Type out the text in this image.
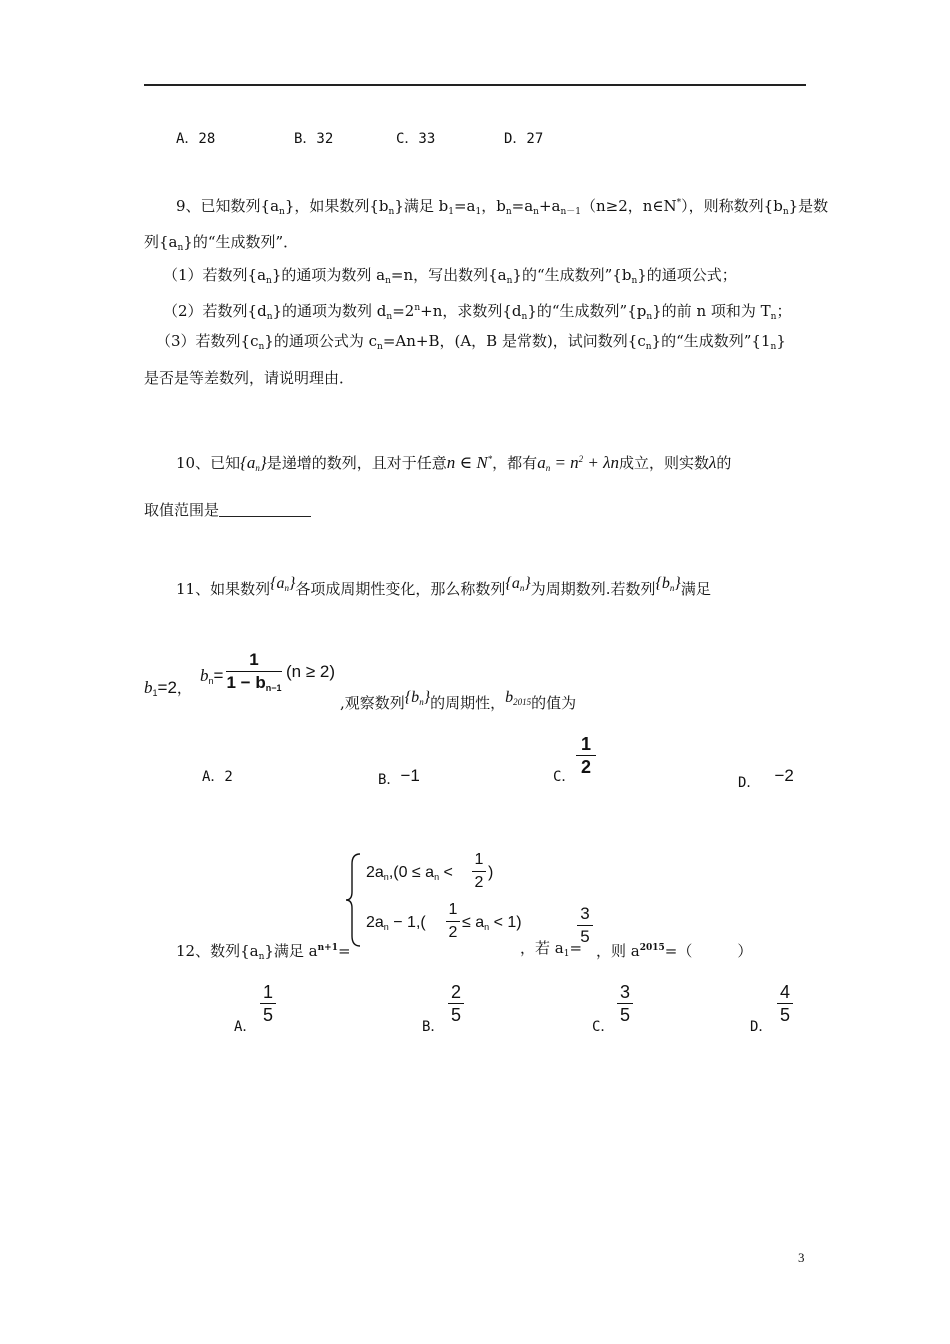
A．28	B．32	C．33	D．27
9、已知数列$\{a_n\}$，如果数列$\{b_n\}$满足 $b_1=a_1$，$b_n=a_n+a_{n-1}(n\ge 2$，n∈N*），则称数列$\{b_n\}$是数
列$\{a_n\}$的“生成数列”．
（1）若数列$\{a_n\}$的通项为数列 $a_n=n$，写出数列$\{a_n\}$的“生成数列$”\{b_n\}$的通项公式；
（2）若数列$\{d_n\}$的通项为数列 $d_n=2^n+n$，求数列$\{d_n\}$的“生成数列$”\{p_n\}$的前 n 项和为 $T_n$；
（3）若数列$\{c_n\}$的通项公式为 $c_n=An+B$，(A，B 是常数)，试问数列$\{c_n\}$的“生成数列$”\{1_n\}$
是否是等差数列，请说明理由．
10、已知$\{a_n\}$是递增的数列，且对于任意n ∈ N*，都有$a_n = n^2 + \lambda n$成立，则实数λ的
取值范围是
11、如果数列$\{a_n\}$各项成周期性变化，那么称数列$\{a_n\}$为周期数列.若数列$\{b_n\}$满足
$b_1=2$，
$b_n=$
1
$1 - b_{n-1}$
(n ≥ 2)
,观察数列$\{b_n\}$的周期性，$b_{2015}$的值为
A．2	B．−1	C．
1
2
D． −2
12、数列$\{a_n\}$满足 $a^{n+1}=$
$2a_n,(0 \le a_n$ <
1
2
)
$2a_n - 1$,(
1
2
≤ $a_n < 1$)
，若 $a_1=$
3
5
，则 $a^{2015}=$（　　　）
A．
1
5
B．
2
5
C．
3
5
D．
4
5
3
